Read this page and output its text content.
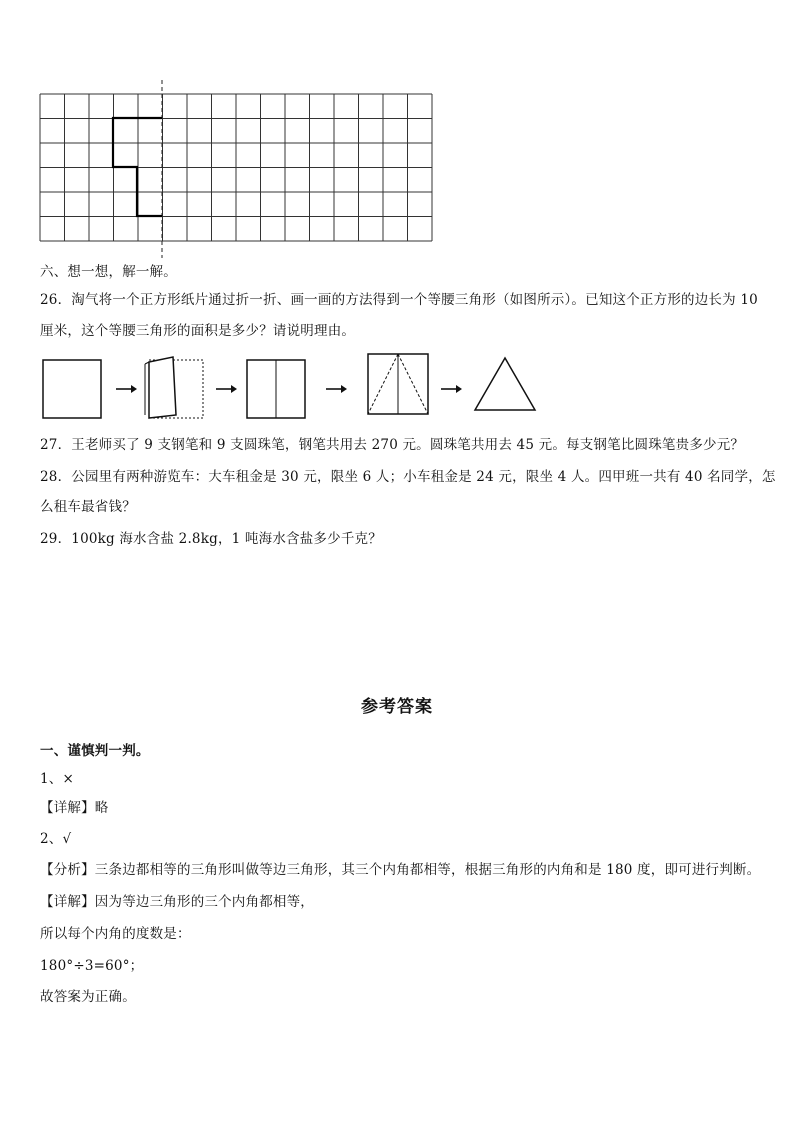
六、想一想，解一解。
26．淘气将一个正方形纸片通过折一折、画一画的方法得到一个等腰三角形（如图所示）。已知这个正方形的边长为 10
厘米，这个等腰三角形的面积是多少？请说明理由。
27．王老师买了 9 支钢笔和 9 支圆珠笔，钢笔共用去 270 元。圆珠笔共用去 45 元。每支钢笔比圆珠笔贵多少元？
28．公园里有两种游览车：大车租金是 30 元，限坐 6 人；小车租金是 24 元，限坐 4 人。四甲班一共有 40 名同学，怎
么租车最省钱？
29．100kg 海水含盐 2.8kg，1 吨海水含盐多少千克？
参考答案
一、谨慎判一判。
1、×
【详解】略
2、√
【分析】三条边都相等的三角形叫做等边三角形，其三个内角都相等，根据三角形的内角和是 180 度，即可进行判断。
【详解】因为等边三角形的三个内角都相等，
所以每个内角的度数是：
180°÷3=60°；
故答案为正确。
